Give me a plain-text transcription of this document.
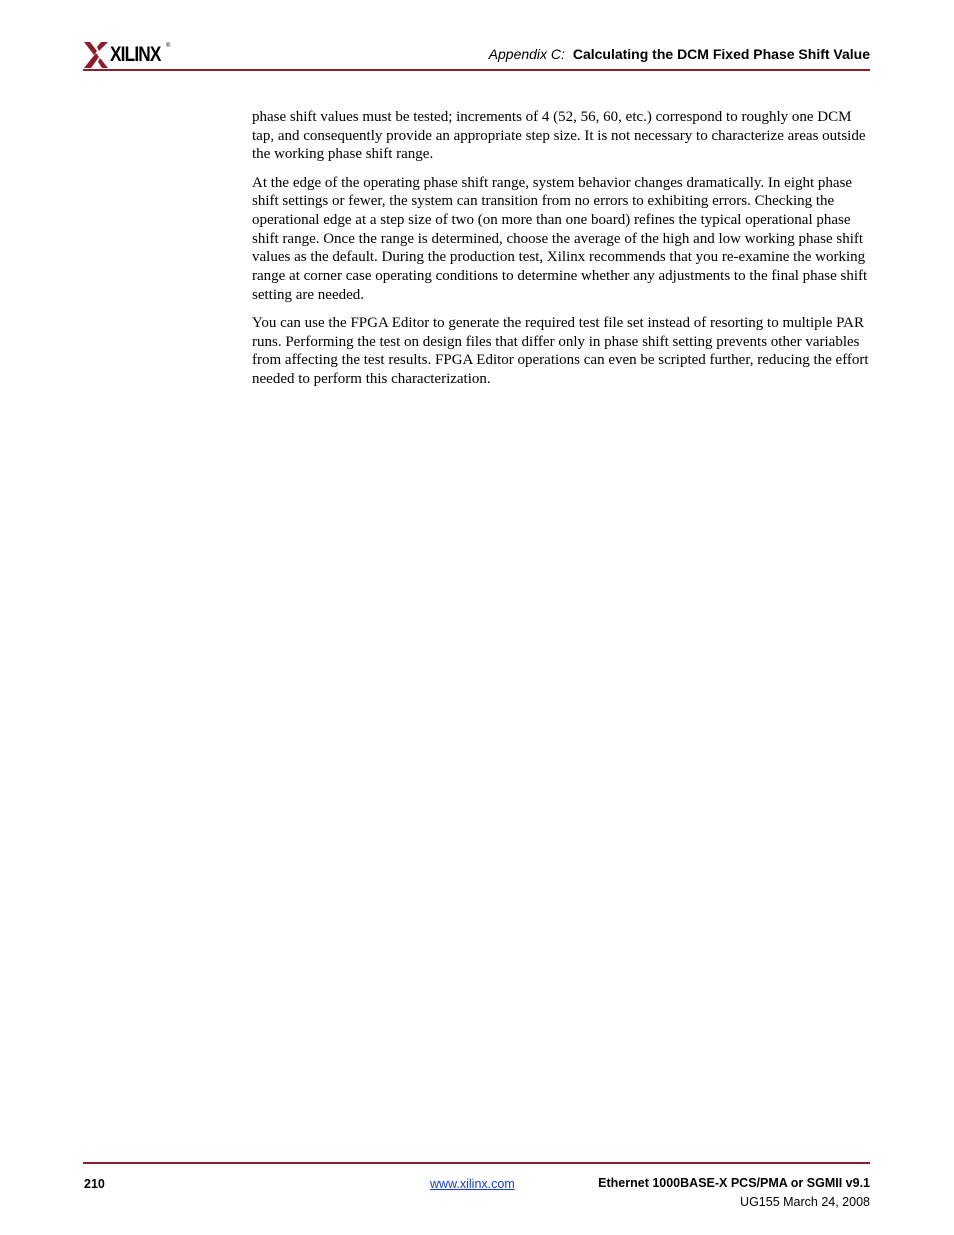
XILINX ®	Appendix C: Calculating the DCM Fixed Phase Shift Value

phase shift values must be tested; increments of 4 (52, 56, 60, etc.) correspond to roughly one DCM tap, and consequently provide an appropriate step size. It is not necessary to characterize areas outside the working phase shift range.

At the edge of the operating phase shift range, system behavior changes dramatically. In eight phase shift settings or fewer, the system can transition from no errors to exhibiting errors. Checking the operational edge at a step size of two (on more than one board) refines the typical operational phase shift range. Once the range is determined, choose the average of the high and low working phase shift values as the default. During the production test, Xilinx recommends that you re-examine the working range at corner case operating conditions to determine whether any adjustments to the final phase shift setting are needed.

You can use the FPGA Editor to generate the required test file set instead of resorting to multiple PAR runs. Performing the test on design files that differ only in phase shift setting prevents other variables from affecting the test results. FPGA Editor operations can even be scripted further, reducing the effort needed to perform this characterization.

210	www.xilinx.com	Ethernet 1000BASE-X PCS/PMA or SGMII v9.1
UG155 March 24, 2008
